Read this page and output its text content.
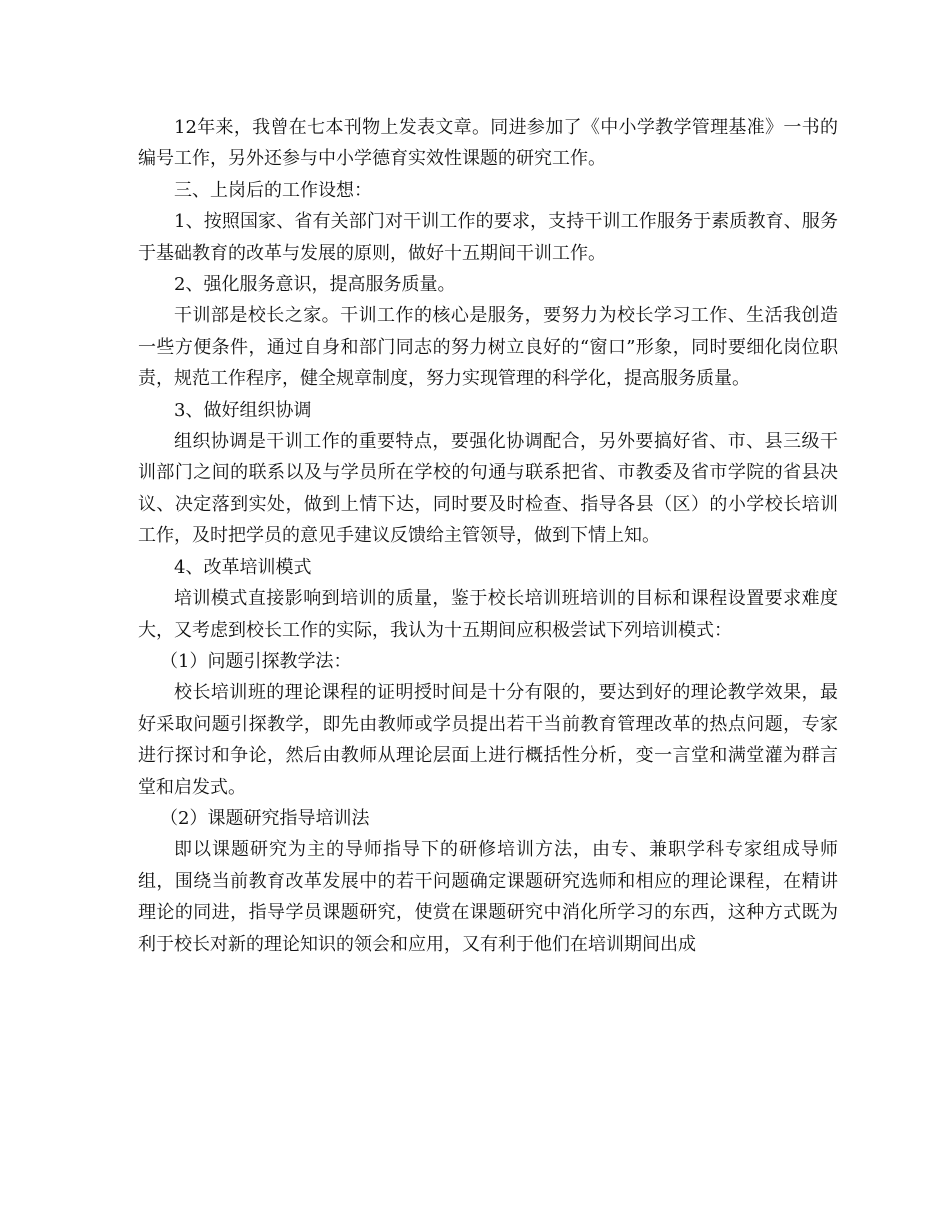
12年来，我曾在七本刊物上发表文章。同进参加了《中小学教学管理基准》一书的编号工作，另外还参与中小学德育实效性课题的研究工作。

三、上岗后的工作设想：

1、按照国家、省有关部门对干训工作的要求，支持干训工作服务于素质教育、服务于基础教育的改革与发展的原则，做好十五期间干训工作。

2、强化服务意识，提高服务质量。

干训部是校长之家。干训工作的核心是服务，要努力为校长学习工作、生活我创造一些方便条件，通过自身和部门同志的努力树立良好的“窗口”形象，同时要细化岗位职责，规范工作程序，健全规章制度，努力实现管理的科学化，提高服务质量。

3、做好组织协调

组织协调是干训工作的重要特点，要强化协调配合，另外要搞好省、市、县三级干训部门之间的联系以及与学员所在学校的句通与联系把省、市教委及省市学院的省县决议、决定落到实处，做到上情下达，同时要及时检查、指导各县（区）的小学校长培训工作，及时把学员的意见手建议反馈给主管领导，做到下情上知。

4、改革培训模式

培训模式直接影响到培训的质量，鉴于校长培训班培训的目标和课程设置要求难度大，又考虑到校长工作的实际，我认为十五期间应积极尝试下列培训模式：

（1）问题引探教学法：

校长培训班的理论课程的证明授时间是十分有限的，要达到好的理论教学效果，最好采取问题引探教学，即先由教师或学员提出若干当前教育管理改革的热点问题，专家进行探讨和争论，然后由教师从理论层面上进行概括性分析，变一言堂和满堂灌为群言堂和启发式。

（2）课题研究指导培训法

即以课题研究为主的导师指导下的研修培训方法，由专、兼职学科专家组成导师组，围绕当前教育改革发展中的若干问题确定课题研究选师和相应的理论课程，在精讲理论的同进，指导学员课题研究，使赏在课题研究中消化所学习的东西，这种方式既为利于校长对新的理论知识的领会和应用，又有利于他们在培训期间出成
